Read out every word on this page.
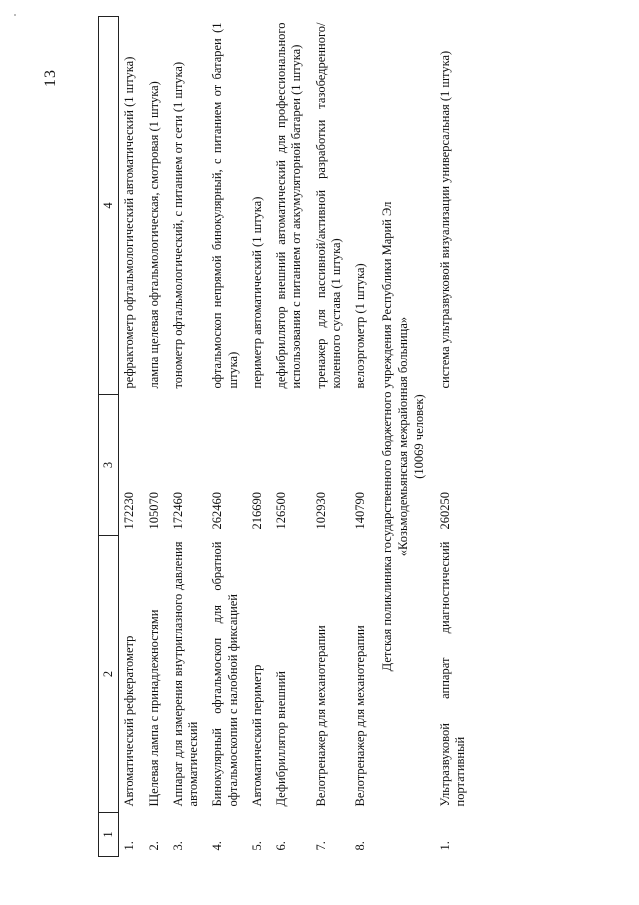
13
1	2	3	4
1.	Автоматический рефкератометр	172230	рефрактометр офтальмологический автоматический (1 штука)
2.	Щелевая лампа с принадлежностями	105070	лампа щелевая офтальмологическая, смотровая (1 штука)
3.	Аппарат для измерения внутриглазного давления автоматический	172460	тонометр офтальмологический, с питанием от сети (1 штука)
4.	Бинокулярный офтальмоскоп для обратной офтальмоскопии с налобной фиксацией	262460	офтальмоскоп непрямой бинокулярный, с питанием от батареи (1 штука)
5.	Автоматический периметр	216690	периметр автоматический (1 штука)
6.	Дефибриллятор внешний	126500	дефибриллятор внешний автоматический для профессионального использования с питанием от аккумуляторной батареи (1 штука)
7.	Велотренажер для механотерапии	102930	тренажер для пассивной/активной разработки тазобедренного/коленного сустава (1 штука)
8.	Велотренажер для механотерапии	140790	велоэргометр (1 штука)

Детская поликлиника государственного бюджетного учреждения Республики Марий Эл «Козьмодемьянская межрайонная больница» (10069 человек)			

1.	Ультразвуковой аппарат диагностический портативный	260250	система ультразвуковой визуализации универсальная (1 штука)
